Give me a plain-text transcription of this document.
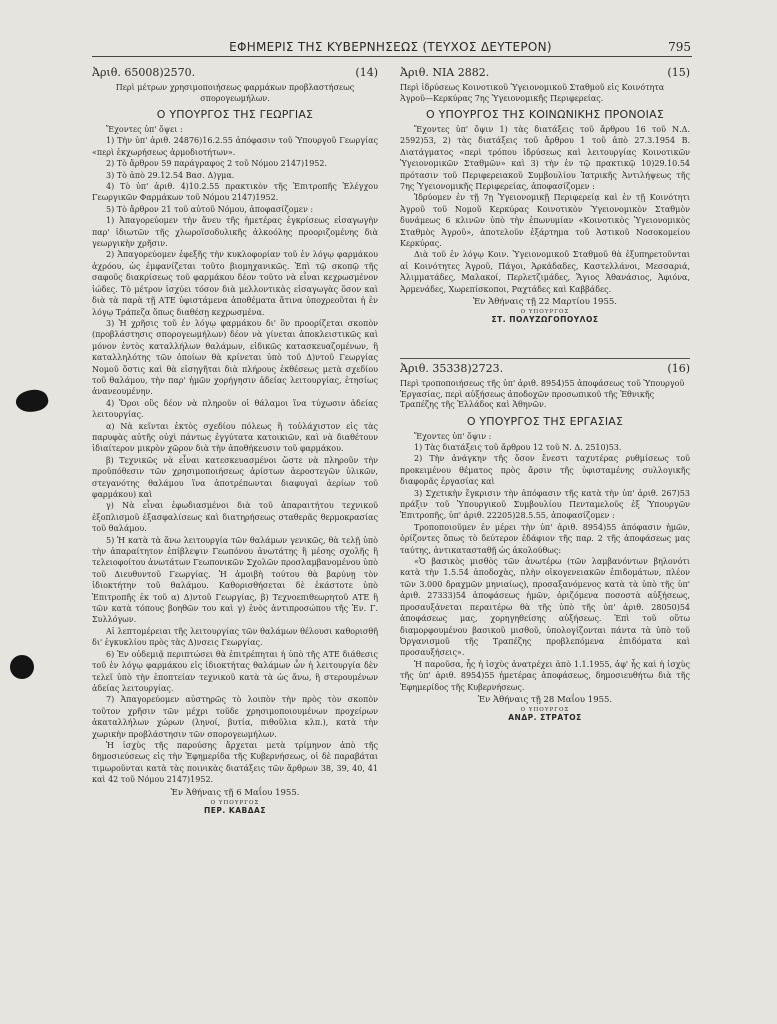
ΕΦΗΜΕΡΙΣ ΤΗΣ ΚΥΒΕΡΝΗΣΕΩΣ (ΤΕΥΧΟΣ ΔΕΥΤΕΡΟΝ)	795
Ἀριθ. 65008)2570.	(14)
Περὶ μέτρων χρησιμοποιήσεως φαρμάκων προβλαστήσεως σπορογεωμήλων.
Ο ΥΠΟΥΡΓΟΣ ΤΗΣ ΓΕΩΡΓΙΑΣ

Ἔχοντες ὑπ' ὄψει :

1) Τὴν ὑπ' ἀριθ. 24876)16.2.55 ἀπόφασιν τοῦ Ὑπουργοῦ Γεωργίας «περὶ ἐκχωρήσεως ἁρμοδιοτήτων».

2) Τὸ ἄρθρον 59 παράγραφος 2 τοῦ Νόμου 2147)1952.

3) Τὸ ἀπὸ 29.12.54 Βασ. Δ)γμα.

4) Τὸ ὑπ' ἀριθ. 4)10.2.55 πρακτικὸν τῆς Ἐπιτροπῆς Ἐλέγχου Γεωργικῶν Φαρμάκων τοῦ Νόμου 2147)1952.

5) Τὸ ἄρθρον 21 τοῦ αὐτοῦ Νόμου, ἀποφασίζομεν :

1) Ἀπαγορεύομεν τὴν ἄνευ τῆς ἡμετέρας ἐγκρίσεως εἰσαγωγὴν παρ' ἰδιωτῶν τῆς χλωροϊσοδυλικῆς ἀλκοόλης προοριζομένης διὰ γεωργικὴν χρῆσιν.

2) Ἀπαγορεύομεν ἐφεξῆς τὴν κυκλοφορίαν τοῦ ἐν λόγῳ φαρμάκου ἀχρόου, ὡς ἐμφανίζεται τοῦτο βιομηχανικῶς. Ἐπὶ τῷ σκοπῷ τῆς σαφοῦς διακρίσεως τοῦ φαρμάκου δέον τοῦτο νὰ εἶναι κεχρωσμένον ἰώδες. Τὸ μέτρον ἰσχύει τόσον διὰ μελλοντικὰς εἰσαγωγὰς ὅσον καὶ διὰ τὰ παρὰ τῇ ΑΤΕ ὑφιστάμενα ἀποθέματα ἅτινα ὑποχρεοῦται ἡ ἐν λόγῳ Τράπεζα ὅπως διαθέσῃ κεχρωσμένα.

3) Ἡ χρῆσις τοῦ ἐν λόγῳ φαρμάκου δι' ὃν προορίζεται σκοπὸν (προβλάστησις σπορογεωμήλων) δέον νὰ γίνεται ἀποκλειστικῶς καὶ μόνον ἐντὸς καταλλήλων θαλάμων, εἰδικῶς κατασκευαζομένων, ἢ καταλληλότης τῶν ὁποίων θὰ κρίνεται ὑπὸ τοῦ Δ)ντοῦ Γεωργίας Νομοῦ ὅστις καὶ θὰ εἰσηγῆται διὰ πλήρους ἐκθέσεως μετὰ σχεδίου τοῦ θαλάμου, τὴν παρ' ἡμῶν χορήγησιν ἀδείας λειτουργίας, ἐτησίως ἀνανεουμένην.

4) Ὅροι οὓς δέον νὰ πληροῦν οἱ θάλαμοι ἵνα τύχωσιν ἀδείας λειτουργίας.

α) Νὰ κεῖνται ἐκτὸς σχεδίου πόλεως ἢ τοὐλάχιστον εἰς τὰς παρυφὰς αὐτῆς οὐχὶ πάντως ἐγγύτατα κατοικιῶν, καὶ νὰ διαθέτουν ἰδιαίτερον μικρὸν χῶρον διὰ τὴν ἀποθήκευσιν τοῦ φαρμάκου.

β) Τεχνικῶς νὰ εἶναι κατεσκευασμένοι ὥστε νὰ πληροῦν τὴν προϋπόθεσιν τῶν χρησιμοποιήσεως ἀρίστων ἀεροστεγῶν ὑλικῶν, στεγανότης θαλάμου ἵνα ἀποτρέπωνται διαφυγαὶ ἀερίων τοῦ φαρμάκου) καὶ

γ) Νὰ εἶναι ἐφωδιασμένοι διὰ τοῦ ἀπαραιτήτου τεχνικοῦ ἐξοπλισμοῦ ἐξασφαλίσεως καὶ διατηρήσεως σταθερᾶς θερμοκρασίας τοῦ θαλάμου.

5) Ἡ κατὰ τὰ ἄνω λειτουργία τῶν θαλάμων γενικῶς, θὰ τελῇ ὑπὸ τὴν ἀπαραίτητον ἐπίβλεψιν Γεωπόνου ἀνωτάτης ἢ μέσης σχολῆς ἢ τελειοφοίτου ἀνωτάτων Γεωπονικῶν Σχολῶν προσλαμβανομένου ὑπὸ τοῦ Διευθυντοῦ Γεωργίας. Ἡ ἀμοιβὴ τούτου θὰ βαρύνῃ τὸν ἰδιοκτήτην τοῦ θαλάμου. Καθορισθήσεται δὲ ἑκάστοτε ὑπὸ Ἐπιτροπῆς ἐκ τοῦ α) Δ)ντοῦ Γεωργίας, β) Τεχνοεπιθεωρητοῦ ΑΤΕ ἢ τῶν κατὰ τόπους βοηθῶν του καὶ γ) ἑνὸς ἀντιπροσώπου τῆς Ἐν. Γ. Συλλόγων.

Αἱ λεπτομέρειαι τῆς λειτουργίας τῶν θαλάμων θέλουσι καθορισθῆ δι' ἐγκυκλίου πρὸς τὰς Δ)νσεις Γεωργίας.

6) Ἐν οὐδεμιᾷ περιπτώσει θὰ ἐπιτρέπηται ἡ ὑπὸ τῆς ΑΤΕ διάθεσις τοῦ ἐν λόγῳ φαρμάκου εἰς ἰδιοκτήτας θαλάμων ὧν ἡ λειτουργία δὲν τελεῖ ὑπὸ τὴν ἐποπτείαν τεχνικοῦ κατὰ τὰ ὡς ἄνω, ἢ στερουμένων ἀδείας λειτουργίας.

7) Ἀπαγορεύομεν αὐστηρῶς τὸ λοιπὸν τὴν πρὸς τὸν σκοπὸν τοῦτον χρῆσιν τῶν μέχρι τοῦδε χρησιμοποιουμένων προχείρων ἀκαταλλήλων χώρων (ληνοί, βυτία, πιθοῦλια κλπ.), κατὰ τὴν χωρικὴν προβλάστησιν τῶν σπορογεωμήλων.

Ἡ ἰσχὺς τῆς παρούσης ἄρχεται μετὰ τρίμηνον ἀπὸ τῆς δημοσιεύσεως εἰς τὴν Ἐφημερίδα τῆς Κυβερνήσεως, οἱ δὲ παραβάται τιμωροῦνται κατὰ τὰς ποινικὰς διατάξεις τῶν ἄρθρων 38, 39, 40, 41 καὶ 42 τοῦ Νόμου 2147)1952.

Ἐν Ἀθήναις τῇ 6 Μαΐου 1955.
Ο ΥΠΟΥΡΓΟΣ
ΠΕΡ. ΚΑΒΔΑΣ
Ἀριθ. ΝΙΑ 2882.	(15)
Περὶ ἱδρύσεως Κοινοτικοῦ Ὑγειονομικοῦ Σταθμοῦ εἰς Κοινότητα Ἀγροῦ—Κερκύρας 7ης Ὑγειονομικῆς Περιφερείας.
Ο ΥΠΟΥΡΓΟΣ ΤΗΣ ΚΟΙΝΩΝΙΚΗΣ ΠΡΟΝΟΙΑΣ

Ἔχοντες ὑπ' ὄψιν 1) τὰς διατάξεις τοῦ ἄρθρου 16 τοῦ Ν.Δ. 2592)53, 2) τὰς διατάξεις τοῦ ἄρθρου 1 τοῦ ἀπὸ 27.3.1954 Β. Διατάγματος «περὶ τρόπου ἱδρύσεως καὶ λειτουργίας Κοινοτικῶν Ὑγειονομικῶν Σταθμῶν» καὶ 3) τὴν ἐν τῷ πρακτικῷ 10)29.10.54 πρότασιν τοῦ Περιφερειακοῦ Συμβουλίου Ἰατρικῆς Ἀντιλήψεως τῆς 7ης Ὑγειονομικῆς Περιφερείας, ἀποφασίζομεν :

Ἱδρύομεν ἐν τῇ 7ῃ Ὑγειονομικῇ Περιφερείᾳ καὶ ἐν τῇ Κοινότητι Ἀγροῦ τοῦ Νομοῦ Κερκύρας Κοινοτικὸν Ὑγειονομικὸν Σταθμὸν δυνάμεως 6 κλινῶν ὑπὸ τὴν ἐπωνυμίαν «Κοινοτικὸς Ὑγειονομικὸς Σταθμὸς Ἀγροῦ», ἀποτελοῦν ἐξάρτημα τοῦ Ἀστικοῦ Νοσοκομείου Κερκύρας.

Διὰ τοῦ ἐν λόγῳ Κοιν. Ὑγειονομικοῦ Σταθμοῦ θὰ ἐξυπηρετοῦνται αἱ Κοινότητες Ἀγροῦ, Πάγοι, Ἀρκάδαδες, Καστελλάνοι, Μεσσαριά, Ἀλιμματάδες, Μαλακοί, Περλετζιμάδες, Ἅγιος Ἀθανάσιος, Ἀφιόνα, Ἀρμενάδες, Χωρεπίσκοποι, Ραχτάδες καὶ Καββάδες.

Ἐν Ἀθήναις τῇ 22 Μαρτίου 1955.
Ο ΥΠΟΥΡΓΟΣ
ΣΤ. ΠΟΛΥΖΩΓΟΠΟΥΛΟΣ
Ἀριθ. 35338)2723.	(16)
Περὶ τροποποιήσεως τῆς ὑπ' ἀριθ. 8954)55 ἀποφάσεως τοῦ Ὑπουργοῦ Ἐργασίας, περὶ αὐξήσεως ἀποδοχῶν προσωπικοῦ τῆς Ἐθνικῆς Τραπέζης τῆς Ἑλλάδος καὶ Ἀθηνῶν.
Ο ΥΠΟΥΡΓΟΣ ΤΗΣ ΕΡΓΑΣΙΑΣ

Ἔχοντες ὑπ' ὄψιν :

1) Τὰς διατάξεις τοῦ ἄρθρου 12 τοῦ Ν. Δ. 2510)53.

2) Τὴν ἀνάγκην τῆς ὅσον ἔνεστι ταχυτέρας ρυθμίσεως τοῦ προκειμένου θέματος πρὸς ἄρσιν τῆς ὑφισταμένης συλλογικῆς διαφορᾶς ἐργασίας καὶ

3) Σχετικὴν ἔγκρισιν τὴν ἀπόφασιν τῆς κατὰ τὴν ὑπ' ἀριθ. 267)53 πράξιν τοῦ Ὑπουργικοῦ Συμβουλίου Πενταμελοῦς ἐξ Ὑπουργῶν Ἐπιτροπῆς, ὑπ' ἀριθ. 22205)28.5.55, ἀποφασίζομεν :

Τροποποιοῦμεν ἐν μέρει τὴν ὑπ' ἀριθ. 8954)55 ἀπόφασιν ἡμῶν, ὁρίζοντες ὅπως τὸ δεύτερον ἐδάφιον τῆς παρ. 2 τῆς ἀποφάσεως μας ταύτης, ἀντικατασταθῇ ὡς ἀκολούθως:

«Ὁ βασικὸς μισθὸς τῶν ἀνωτέρω (τῶν λαμβανόντων βηλονότι κατὰ τὴν 1.5.54 ἀποδοχὰς, πλὴν οἰκογενειακῶν ἐπιδομάτων, πλέον τῶν 3.000 δραχμῶν μηνιαίως), προσαξανόμενος κατὰ τὰ ὑπὸ τῆς ὑπ' ἀριθ. 27333)54 ἀποφάσεως ἡμῶν, ὁριζόμενα ποσοστὰ αὐξήσεως, προσαυξάνεται περαιτέρω θὰ τῆς ὑπὸ τῆς ὑπ' ἀριθ. 28050)54 ἀποφάσεως μας, χορηγηθείσης αὐξήσεως. Ἐπὶ τοῦ οὕτω διαμορφουμένου βασικοῦ μισθοῦ, ὑπολογίζονται πάντα τὰ ὑπὸ τοῦ Ὀργανισμοῦ τῆς Τραπέζης προβλεπόμενα ἐπιδόματα καὶ προσαυξήσεις».

Ἡ παροῦσα, ἧς ἡ ἰσχὺς ἀνατρέχει ἀπὸ 1.1.1955, ἀφ' ἧς καὶ ἡ ἰσχὺς τῆς ὑπ' ἀριθ. 8954)55 ἡμετέρας ἀποφάσεως, δημοσιευθήτω διὰ τῆς Ἐφημερίδος τῆς Κυβερνήσεως.

Ἐν Ἀθήναις τῇ 28 Μαΐου 1955.
Ο ΥΠΟΥΡΓΟΣ
ΑΝΔΡ. ΣΤΡΑΤΟΣ
